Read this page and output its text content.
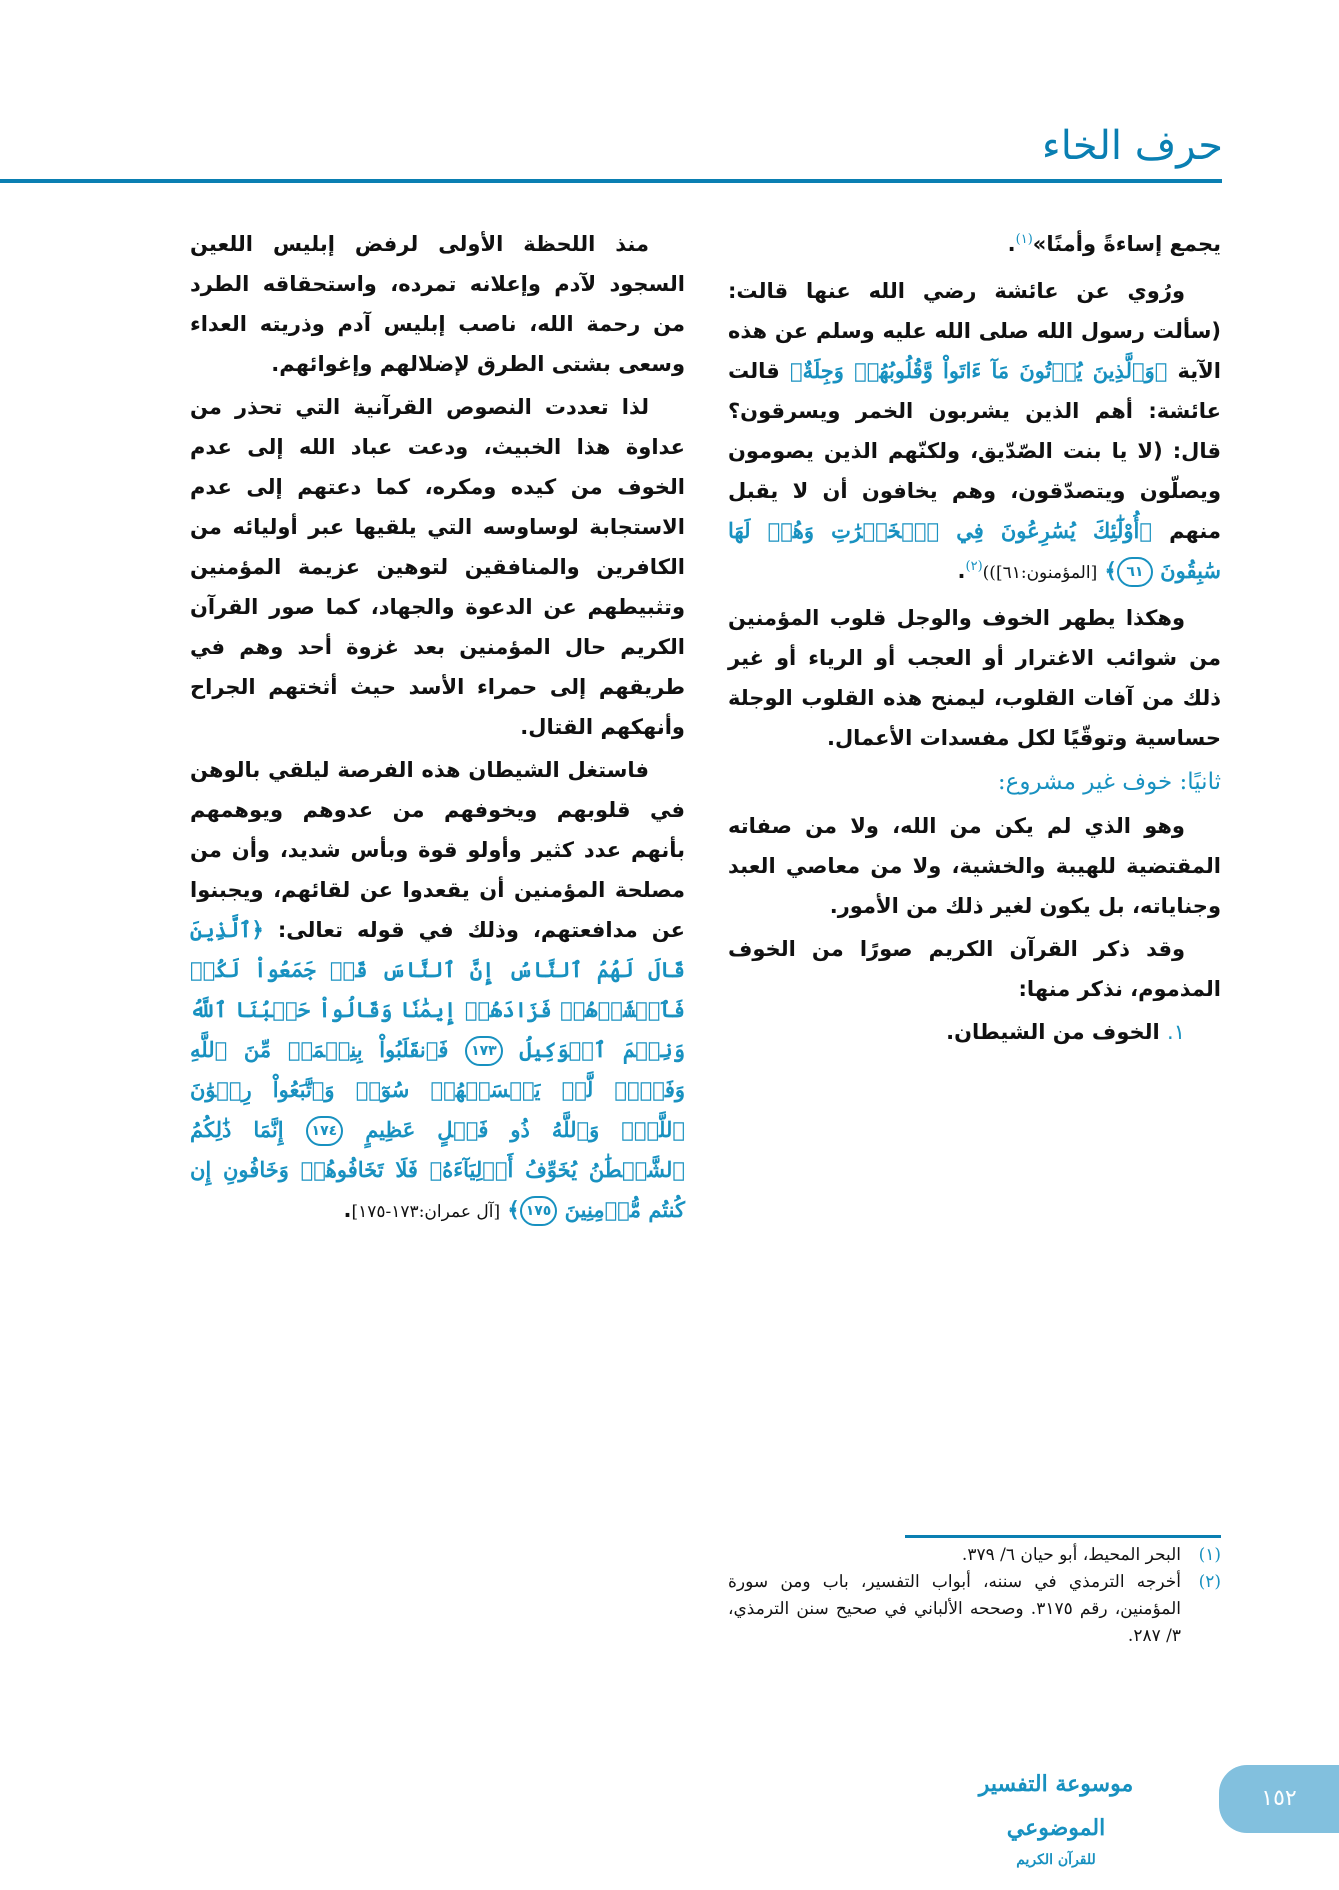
حرف الخاء

يجمع إساءةً وأمنًا»$^{(١)}$.

ورُوي عن عائشة رضي الله عنها قالت: (سألت رسول الله صلى الله عليه وسلم عن هذه الآية ﴿وَٱلَّذِينَ يُؤۡتُونَ مَآ ءَاتَواْ وَّقُلُوبُهُمۡ وَجِلَةٌ﴾ قالت عائشة: أهم الذين يشربون الخمر ويسرقون؟ قال: (لا يا بنت الصّدّيق، ولكنّهم الذين يصومون ويصلّون ويتصدّقون، وهم يخافون أن لا يقبل منهم ﴿أُوْلَٰٓئِكَ يُسَٰرِعُونَ فِي ٱلۡخَيۡرَٰتِ وَهُمۡ لَهَا سَٰبِقُونَ ٦١﴾ [المؤمنون:٦١]))$^{(٢)}$.

وهكذا يطهر الخوف والوجل قلوب المؤمنين من شوائب الاغترار أو العجب أو الرياء أو غير ذلك من آفات القلوب، ليمنح هذه القلوب الوجلة حساسية وتوقّيًا لكل مفسدات الأعمال.

ثانيًا: خوف غير مشروع:

وهو الذي لم يكن من الله، ولا من صفاته المقتضية للهيبة والخشية، ولا من معاصي العبد وجناياته، بل يكون لغير ذلك من الأمور.

وقد ذكر القرآن الكريم صورًا من الخوف المذموم، نذكر منها:

١. الخوف من الشيطان.

منذ اللحظة الأولى لرفض إبليس اللعين السجود لآدم وإعلانه تمرده، واستحقاقه الطرد من رحمة الله، ناصب إبليس آدم وذريته العداء وسعى بشتى الطرق لإضلالهم وإغوائهم.

لذا تعددت النصوص القرآنية التي تحذر من عداوة هذا الخبيث، ودعت عباد الله إلى عدم الخوف من كيده ومكره، كما دعتهم إلى عدم الاستجابة لوساوسه التي يلقيها عبر أوليائه من الكافرين والمنافقين لتوهين عزيمة المؤمنين وتثبيطهم عن الدعوة والجهاد، كما صور القرآن الكريم حال المؤمنين بعد غزوة أحد وهم في طريقهم إلى حمراء الأسد حيث أثختهم الجراح وأنهكهم القتال.

فاستغل الشيطان هذه الفرصة ليلقي بالوهن في قلوبهم ويخوفهم من عدوهم ويوهمهم بأنهم عدد كثير وأولو قوة وبأس شديد، وأن من مصلحة المؤمنين أن يقعدوا عن لقائهم، ويجبنوا عن مدافعتهم، وذلك في قوله تعالى: ﴿ٱلَّذِينَ قَالَ لَهُمُ ٱلنَّاسُ إِنَّ ٱلنَّاسَ قَدۡ جَمَعُواْ لَكُمۡ فَٱخۡشَوۡهُمۡ فَزَادَهُمۡ إِيمَٰنٗا وَقَالُواْ حَسۡبُنَا ٱللَّهُ وَنِعۡمَ ٱلۡوَكِيلُ ١٧٣ فَٱنقَلَبُواْ بِنِعۡمَةٖ مِّنَ ٱللَّهِ وَفَضۡلٖ لَّمۡ يَمۡسَسۡهُمۡ سُوٓءٞ وَٱتَّبَعُواْ رِضۡوَٰنَ ٱللَّهِۗ وَٱللَّهُ ذُو فَضۡلٍ عَظِيمٍ ١٧٤ إِنَّمَا ذَٰلِكُمُ ٱلشَّيۡطَٰنُ يُخَوِّفُ أَوۡلِيَآءَهُۥ فَلَا تَخَافُوهُمۡ وَخَافُونِ إِن كُنتُم مُّؤۡمِنِينَ ١٧٥﴾ [آل عمران:١٧٣-١٧٥].

(١)
البحر المحيط، أبو حيان ٦/ ٣٧٩.
(٢)
أخرجه الترمذي في سننه، أبواب التفسير، باب ومن سورة المؤمنين، رقم ٣١٧٥. وصححه الألباني في صحيح سنن الترمذي، ٣/ ٢٨٧.
موسوعة التفسير الموضوعي
للقرآن الكريم
١٥٢
